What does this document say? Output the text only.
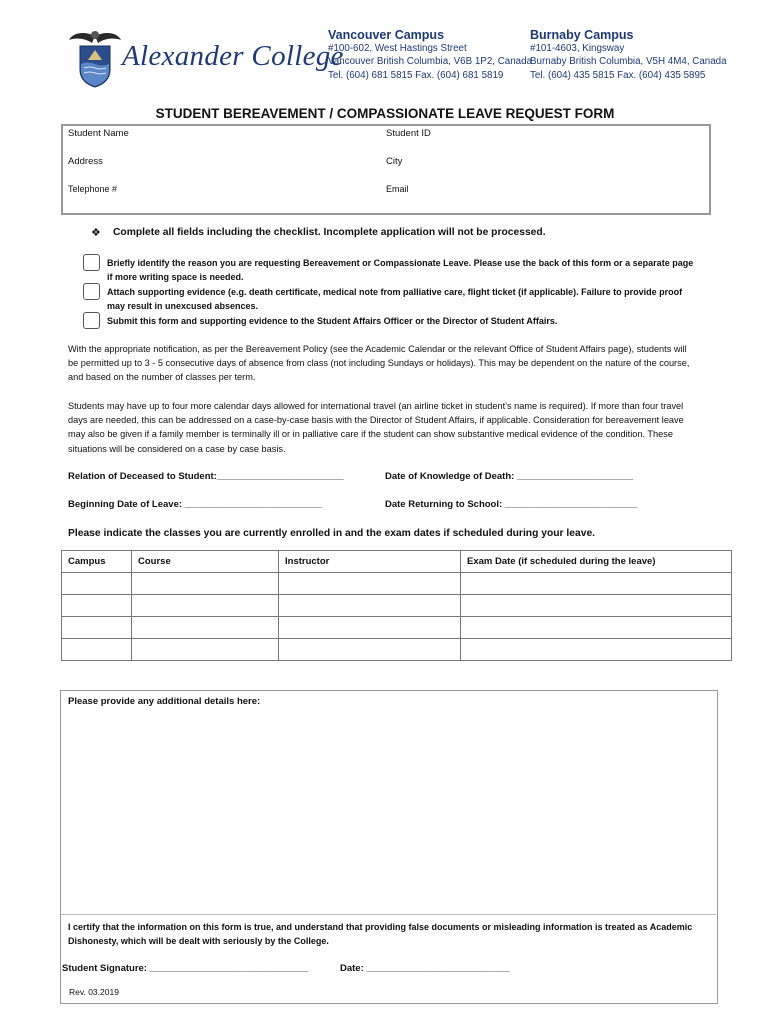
Alexander College
Vancouver Campus
#100-602, West Hastings Street
Vancouver British Columbia, V6B 1P2, Canada
Tel. (604) 681 5815 Fax. (604) 681 5819
Burnaby Campus
#101-4603, Kingsway
Burnaby British Columbia, V5H 4M4, Canada
Tel. (604) 435 5815 Fax. (604) 435 5895
STUDENT BEREAVEMENT / COMPASSIONATE LEAVE REQUEST FORM
Student Name	Student ID
Address	City
Telephone #	Email
❖ Complete all fields including the checklist. Incomplete application will not be processed.
Briefly identify the reason you are requesting Bereavement or Compassionate Leave. Please use the back of this form or a separate page if more writing space is needed.
Attach supporting evidence (e.g. death certificate, medical note from palliative care, flight ticket (if applicable). Failure to provide proof may result in unexcused absences.
Submit this form and supporting evidence to the Student Affairs Officer or the Director of Student Affairs.
With the appropriate notification, as per the Bereavement Policy (see the Academic Calendar or the relevant Office of Student Affairs page), students will be permitted up to 3 - 5 consecutive days of absence from class (not including Sundays or holidays). This may be dependent on the nature of the course, and based on the number of classes per term.
Students may have up to four more calendar days allowed for international travel (an airline ticket in student’s name is required). If more than four travel days are needed, this can be addressed on a case-by-case basis with the Director of Student Affairs, if applicable. Consideration for bereavement leave may also be given if a family member is terminally ill or in palliative care if the student can show substantive medical evidence of the condition. These situations will be considered on a case by case basis.
Relation of Deceased to Student:________________________	Date of Knowledge of Death: ______________________
Beginning Date of Leave: __________________________	Date Returning to School: _________________________
Please indicate the classes you are currently enrolled in and the exam dates if scheduled during your leave.
Campus	Course	Instructor	Exam Date (if scheduled during the leave)

Please provide any additional details here:
I certify that the information on this form is true, and understand that providing false documents or misleading information is treated as Academic Dishonesty, which will be dealt with seriously by the College.
Student Signature: ______________________________	Date: ___________________________
Rev. 03.2019
